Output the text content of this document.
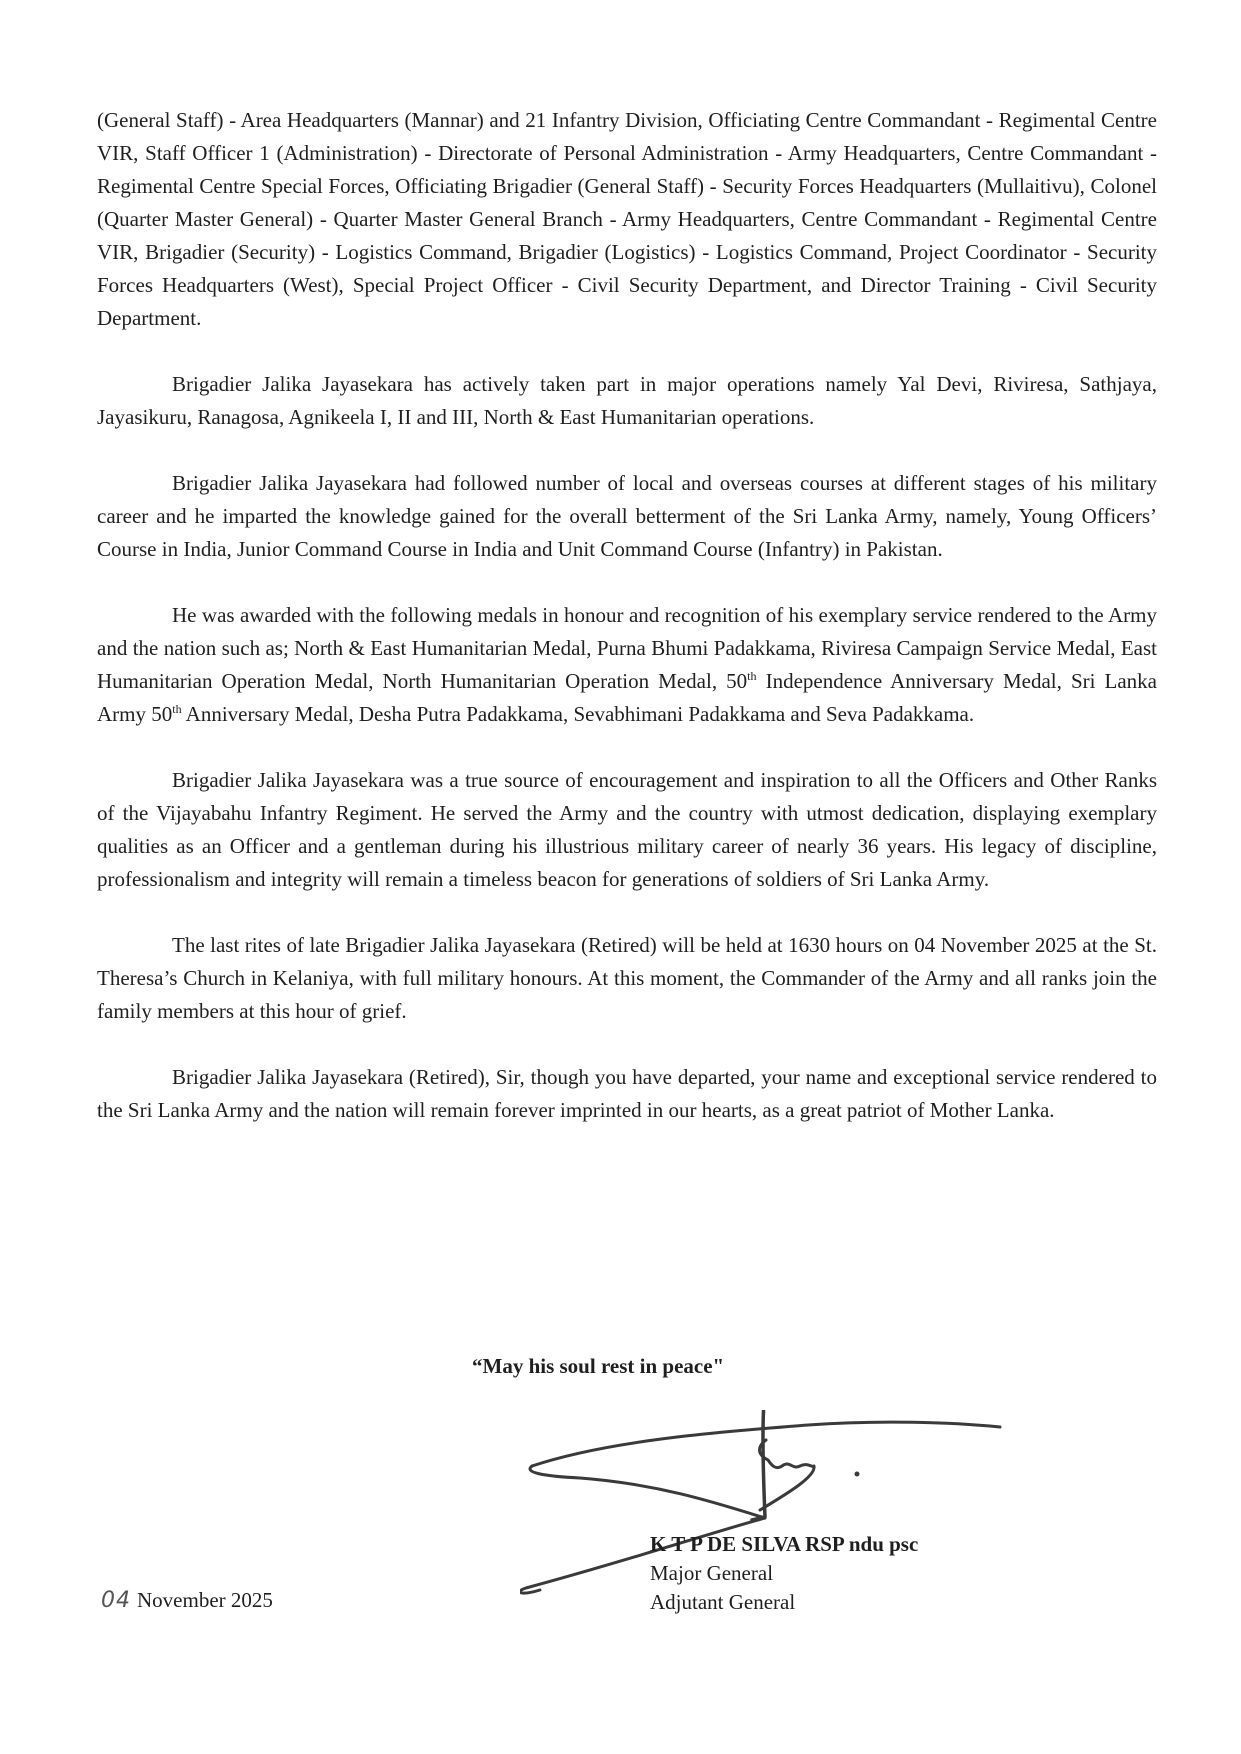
(General Staff) - Area Headquarters (Mannar) and 21 Infantry Division, Officiating Centre Commandant - Regimental Centre VIR, Staff Officer 1 (Administration) - Directorate of Personal Administration - Army Headquarters, Centre Commandant - Regimental Centre Special Forces, Officiating Brigadier (General Staff) - Security Forces Headquarters (Mullaitivu), Colonel (Quarter Master General) - Quarter Master General Branch - Army Headquarters, Centre Commandant - Regimental Centre VIR, Brigadier (Security) - Logistics Command, Brigadier (Logistics) - Logistics Command, Project Coordinator - Security Forces Headquarters (West), Special Project Officer - Civil Security Department, and Director Training - Civil Security Department.

Brigadier Jalika Jayasekara has actively taken part in major operations namely Yal Devi, Riviresa, Sathjaya, Jayasikuru, Ranagosa, Agnikeela I, II and III, North & East Humanitarian operations.

Brigadier Jalika Jayasekara had followed number of local and overseas courses at different stages of his military career and he imparted the knowledge gained for the overall betterment of the Sri Lanka Army, namely, Young Officers’ Course in India, Junior Command Course in India and Unit Command Course (Infantry) in Pakistan.

He was awarded with the following medals in honour and recognition of his exemplary service rendered to the Army and the nation such as; North & East Humanitarian Medal, Purna Bhumi Padakkama, Riviresa Campaign Service Medal, East Humanitarian Operation Medal, North Humanitarian Operation Medal, 50th Independence Anniversary Medal, Sri Lanka Army 50th Anniversary Medal, Desha Putra Padakkama, Sevabhimani Padakkama and Seva Padakkama.

Brigadier Jalika Jayasekara was a true source of encouragement and inspiration to all the Officers and Other Ranks of the Vijayabahu Infantry Regiment. He served the Army and the country with utmost dedication, displaying exemplary qualities as an Officer and a gentleman during his illustrious military career of nearly 36 years. His legacy of discipline, professionalism and integrity will remain a timeless beacon for generations of soldiers of Sri Lanka Army.

The last rites of late Brigadier Jalika Jayasekara (Retired) will be held at 1630 hours on 04 November 2025 at the St. Theresa’s Church in Kelaniya, with full military honours. At this moment, the Commander of the Army and all ranks join the family members at this hour of grief.

Brigadier Jalika Jayasekara (Retired), Sir, though you have departed, your name and exceptional service rendered to the Sri Lanka Army and the nation will remain forever imprinted in our hearts, as a great patriot of Mother Lanka.

“May his soul rest in peace"
K T P DE SILVA RSP ndu psc
Major General
Adjutant General
04 November 2025
